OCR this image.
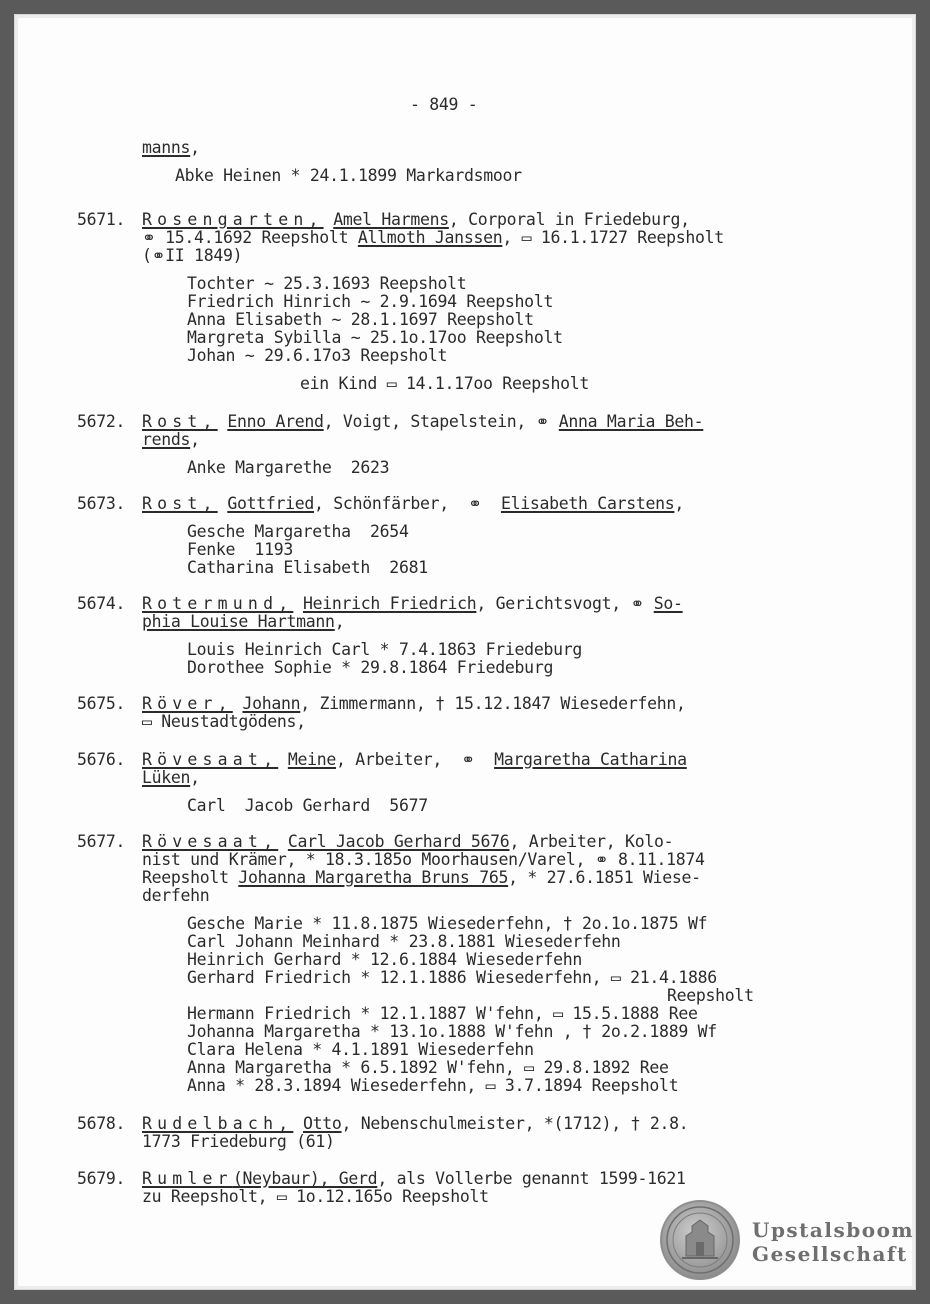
- 849 -
manns,
Abke Heinen * 24.1.1899 Markardsmoor
5671. Rosengarten, Amel Harmens, Corporal in Friedeburg,
⚭ 15.4.1692 Reepsholt Allmoth Janssen, ▭ 16.1.1727 Reepsholt
(⚭II 1849)
Tochter ~ 25.3.1693 Reepsholt
Friedrich Hinrich ~ 2.9.1694 Reepsholt
Anna Elisabeth ~ 28.1.1697 Reepsholt
Margreta Sybilla ~ 25.1o.17oo Reepsholt
Johan ~ 29.6.17o3 Reepsholt
ein Kind ▭ 14.1.17oo Reepsholt
5672. Rost, Enno Arend, Voigt, Stapelstein, ⚭ Anna Maria Beh-
rends,
Anke Margarethe  2623
5673. Rost, Gottfried, Schönfärber,  ⚭  Elisabeth Carstens,
Gesche Margaretha  2654
Fenke  1193
Catharina Elisabeth  2681
5674. Rotermund, Heinrich Friedrich, Gerichtsvogt, ⚭ So-
phia Louise Hartmann,
Louis Heinrich Carl * 7.4.1863 Friedeburg
Dorothee Sophie * 29.8.1864 Friedeburg
5675. Röver, Johann, Zimmermann, † 15.12.1847 Wiesederfehn,
▭ Neustadtgödens,
5676. Rövesaat, Meine, Arbeiter,  ⚭  Margaretha Catharina
Lüken,
Carl  Jacob Gerhard  5677
5677. Rövesaat, Carl Jacob Gerhard 5676, Arbeiter, Kolo-
nist und Krämer, * 18.3.185o Moorhausen/Varel, ⚭ 8.11.1874
Reepsholt Johanna Margaretha Bruns 765, * 27.6.1851 Wiese-
derfehn
Gesche Marie * 11.8.1875 Wiesederfehn, † 2o.1o.1875 Wf
Carl Johann Meinhard * 23.8.1881 Wiesederfehn
Heinrich Gerhard * 12.6.1884 Wiesederfehn
Gerhard Friedrich * 12.1.1886 Wiesederfehn, ▭ 21.4.1886
Reepsholt
Hermann Friedrich * 12.1.1887 W'fehn, ▭ 15.5.1888 Ree
Johanna Margaretha * 13.1o.1888 W'fehn , † 2o.2.1889 Wf
Clara Helena * 4.1.1891 Wiesederfehn
Anna Margaretha * 6.5.1892 W'fehn, ▭ 29.8.1892 Ree
Anna * 28.3.1894 Wiesederfehn, ▭ 3.7.1894 Reepsholt
5678. Rudelbach, Otto, Nebenschulmeister, *(1712), † 2.8.
1773 Friedeburg (61)
5679. Rumler(Neybaur), Gerd, als Vollerbe genannt 1599-1621
zu Reepsholt, ▭ 1o.12.165o Reepsholt
Upstalsboom
Gesellschaft
